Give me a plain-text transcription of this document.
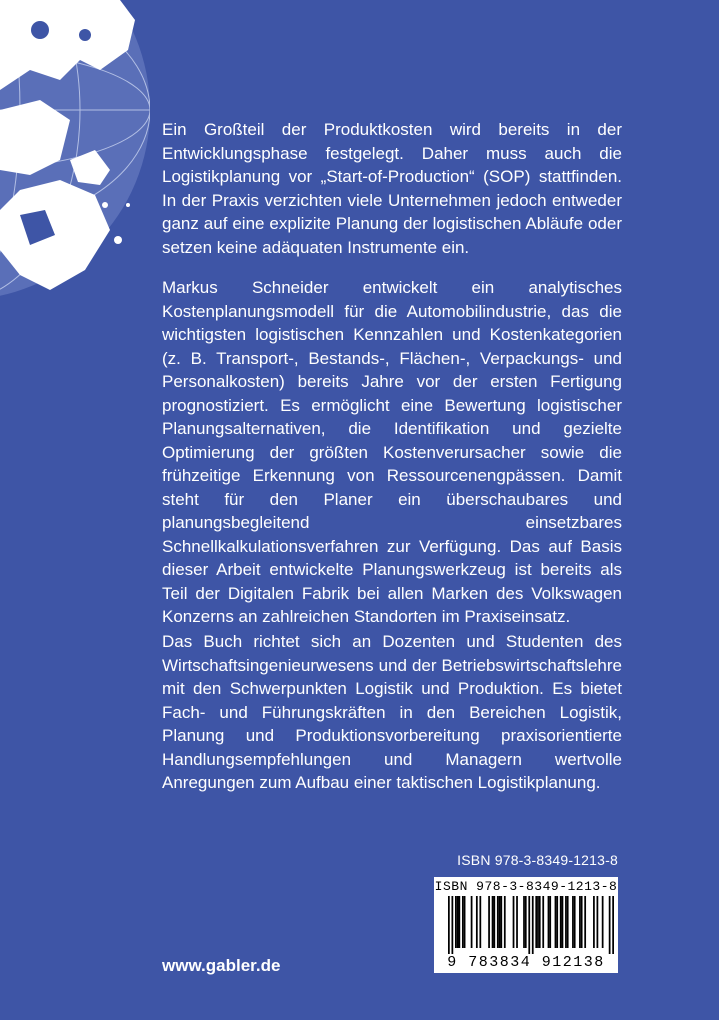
Ein Großteil der Produktkosten wird bereits in der Entwicklungsphase festgelegt. Daher muss auch die Logistikplanung vor „Start-of-Production“ (SOP) stattfinden. In der Praxis verzichten viele Unternehmen jedoch entweder ganz auf eine explizite Planung der logistischen Abläufe oder setzen keine adäquaten Instrumente ein.

Markus Schneider entwickelt ein analytisches Kostenplanungsmodell für die Automobilindustrie, das die wichtigsten logistischen Kennzahlen und Kostenkategorien (z. B. Transport-, Bestands-, Flächen-, Verpackungs- und Personalkosten) bereits Jahre vor der ersten Fertigung prognostiziert. Es ermöglicht eine Bewertung logistischer Planungsalternativen, die Identifikation und gezielte Optimierung der größten Kostenverursacher sowie die frühzeitige Erkennung von Ressourcenengpässen. Damit steht für den Planer ein überschaubares und planungsbegleitend einsetzbares Schnellkalkulationsverfahren zur Verfügung. Das auf Basis dieser Arbeit entwickelte Planungswerkzeug ist bereits als Teil der Digitalen Fabrik bei allen Marken des Volkswagen Konzerns an zahlreichen Standorten im Praxiseinsatz.

Das Buch richtet sich an Dozenten und Studenten des Wirtschaftsingenieurwesens und der Betriebswirtschaftslehre mit den Schwerpunkten Logistik und Produktion. Es bietet Fach- und Führungskräften in den Bereichen Logistik, Planung und Produktionsvorbereitung praxisorientierte Handlungsempfehlungen und Managern wertvolle Anregungen zum Aufbau einer taktischen Logistikplanung.

ISBN 978-3-8349-1213-8
ISBN 978-3-8349-1213-8
9 783834 912138
www.gabler.de
